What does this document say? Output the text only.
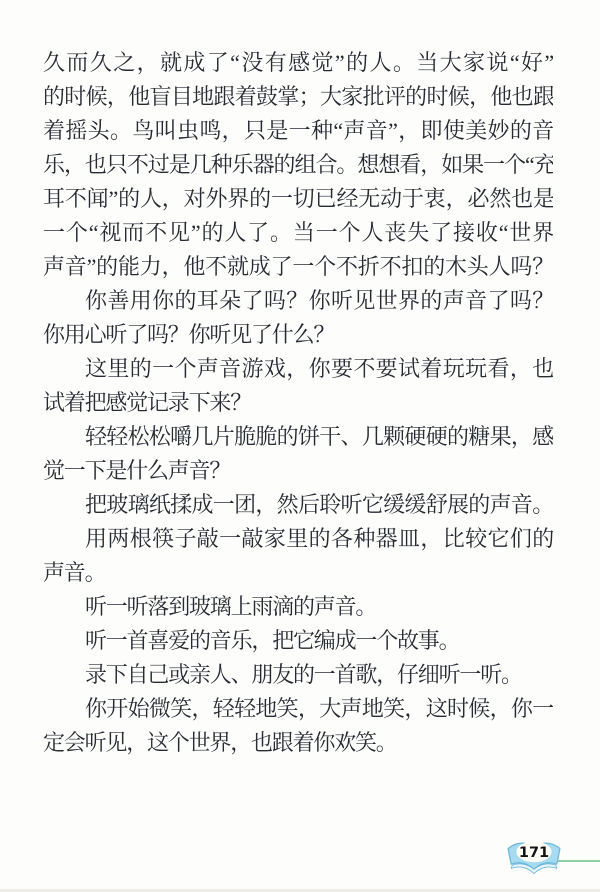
久而久之，就成了“没有感觉”的人。当大家说“好”
的时候，他盲目地跟着鼓掌；大家批评的时候，他也跟
着摇头。鸟叫虫鸣，只是一种“声音”，即使美妙的音
乐，也只不过是几种乐器的组合。想想看，如果一个“充
耳不闻”的人，对外界的一切已经无动于衷，必然也是
一个“视而不见”的人了。当一个人丧失了接收“世界
声音”的能力，他不就成了一个不折不扣的木头人吗？
你善用你的耳朵了吗？你听见世界的声音了吗？
你用心听了吗？你听见了什么？
这里的一个声音游戏，你要不要试着玩玩看，也
试着把感觉记录下来？
轻轻松松嚼几片脆脆的饼干、几颗硬硬的糖果，感
觉一下是什么声音？
把玻璃纸揉成一团，然后聆听它缓缓舒展的声音。
用两根筷子敲一敲家里的各种器皿，比较它们的
声音。
听一听落到玻璃上雨滴的声音。
听一首喜爱的音乐，把它编成一个故事。
录下自己或亲人、朋友的一首歌，仔细听一听。
你开始微笑，轻轻地笑，大声地笑，这时候，你一
定会听见，这个世界，也跟着你欢笑。
171
